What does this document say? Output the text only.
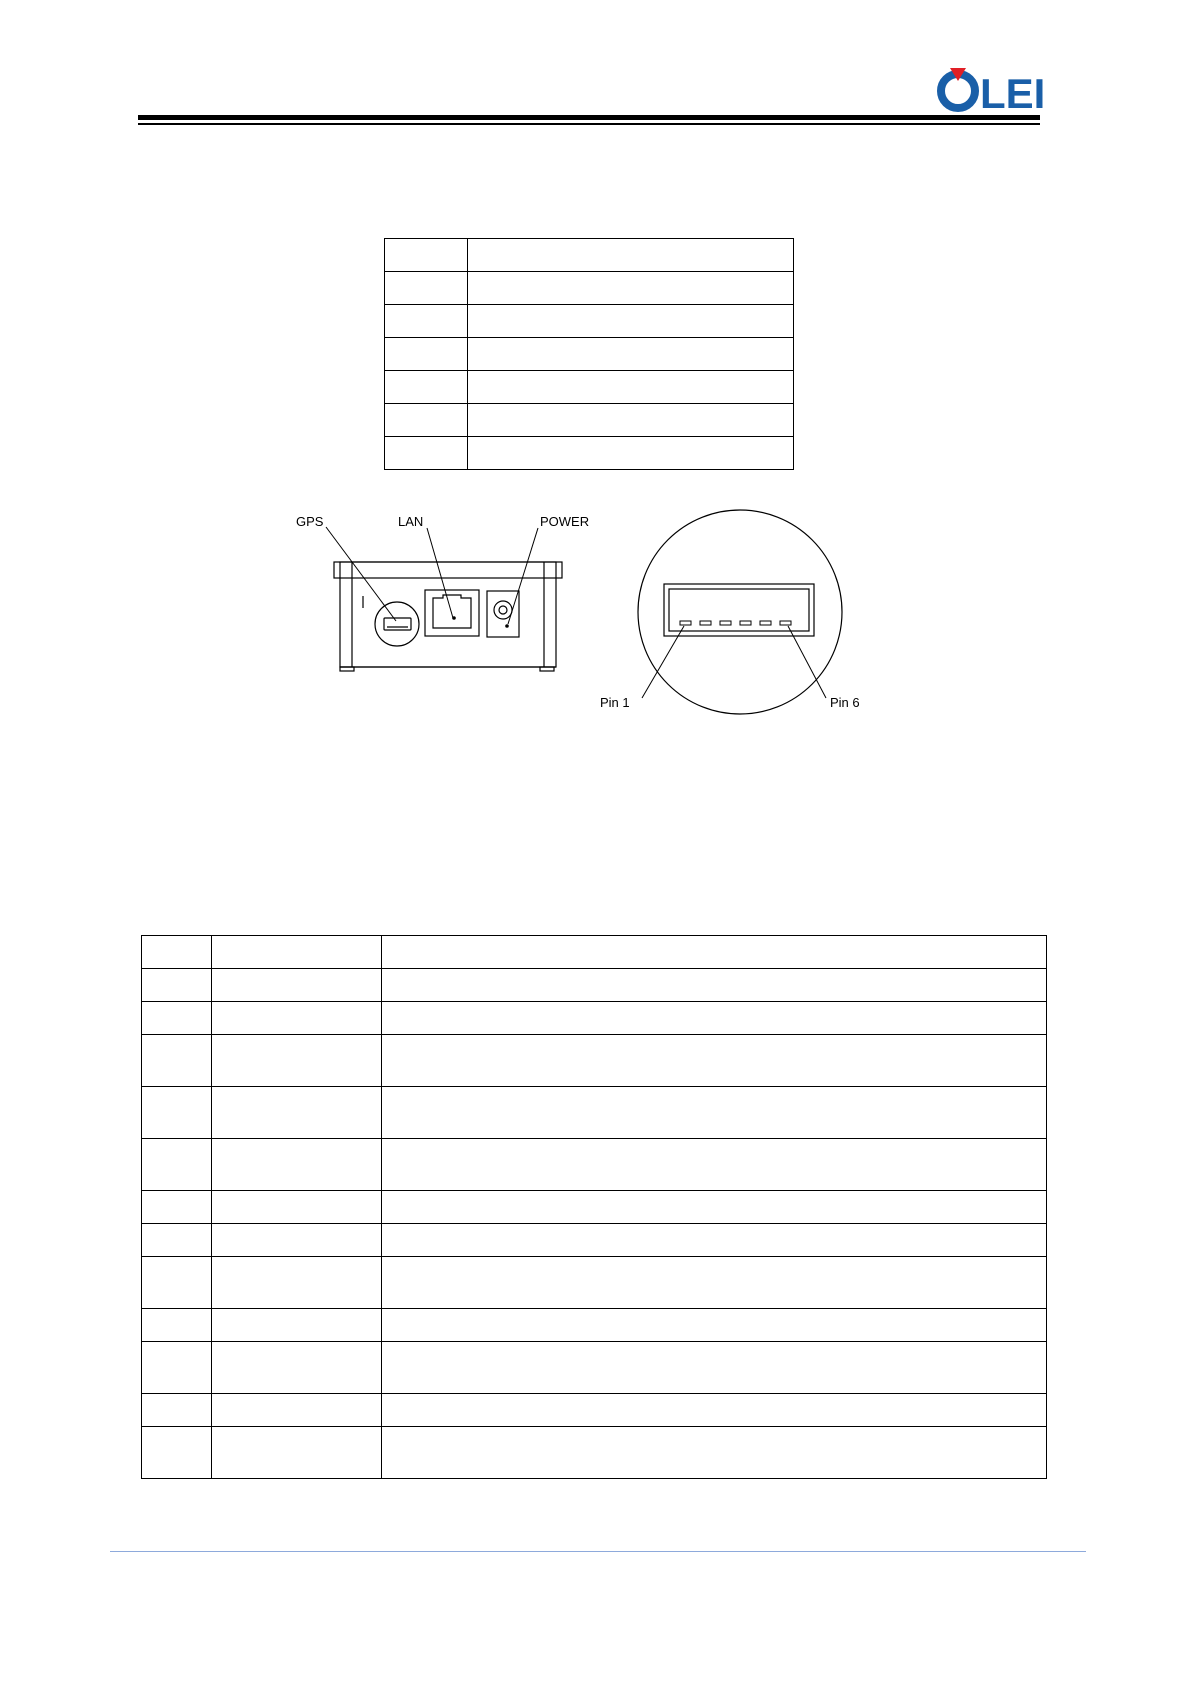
LEI

GPS	LAN	POWER
Pin 1	Pin 6
